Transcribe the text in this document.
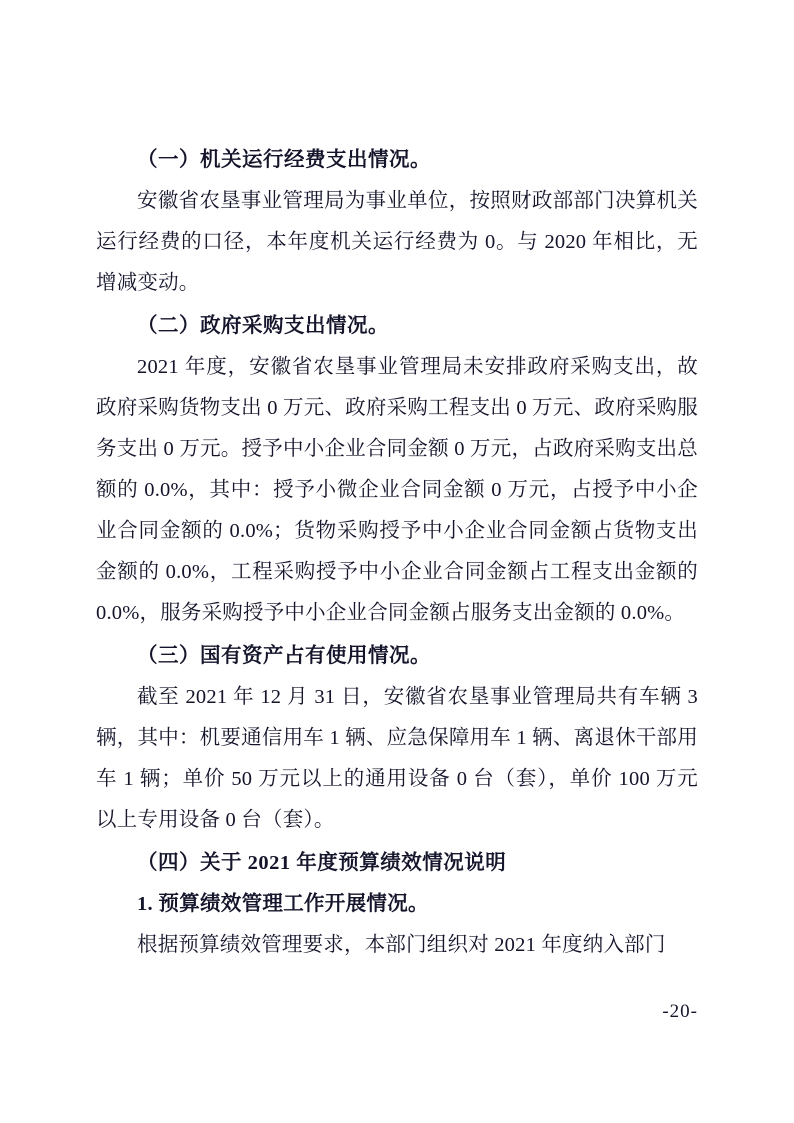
（一）机关运行经费支出情况。

安徽省农垦事业管理局为事业单位，按照财政部部门决算机关运行经费的口径，本年度机关运行经费为 0。与 2020 年相比，无增减变动。

（二）政府采购支出情况。

2021 年度，安徽省农垦事业管理局未安排政府采购支出，故政府采购货物支出 0 万元、政府采购工程支出 0 万元、政府采购服务支出 0 万元。授予中小企业合同金额 0 万元，占政府采购支出总额的 0.0%，其中：授予小微企业合同金额 0 万元，占授予中小企业合同金额的 0.0%；货物采购授予中小企业合同金额占货物支出金额的 0.0%，工程采购授予中小企业合同金额占工程支出金额的 0.0%，服务采购授予中小企业合同金额占服务支出金额的 0.0%。

（三）国有资产占有使用情况。

截至 2021 年 12 月 31 日，安徽省农垦事业管理局共有车辆 3 辆，其中：机要通信用车 1 辆、应急保障用车 1 辆、离退休干部用车 1 辆；单价 50 万元以上的通用设备 0 台（套），单价 100 万元以上专用设备 0 台（套）。

（四）关于 2021 年度预算绩效情况说明

1. 预算绩效管理工作开展情况。

根据预算绩效管理要求，本部门组织对 2021 年度纳入部门

-20-
